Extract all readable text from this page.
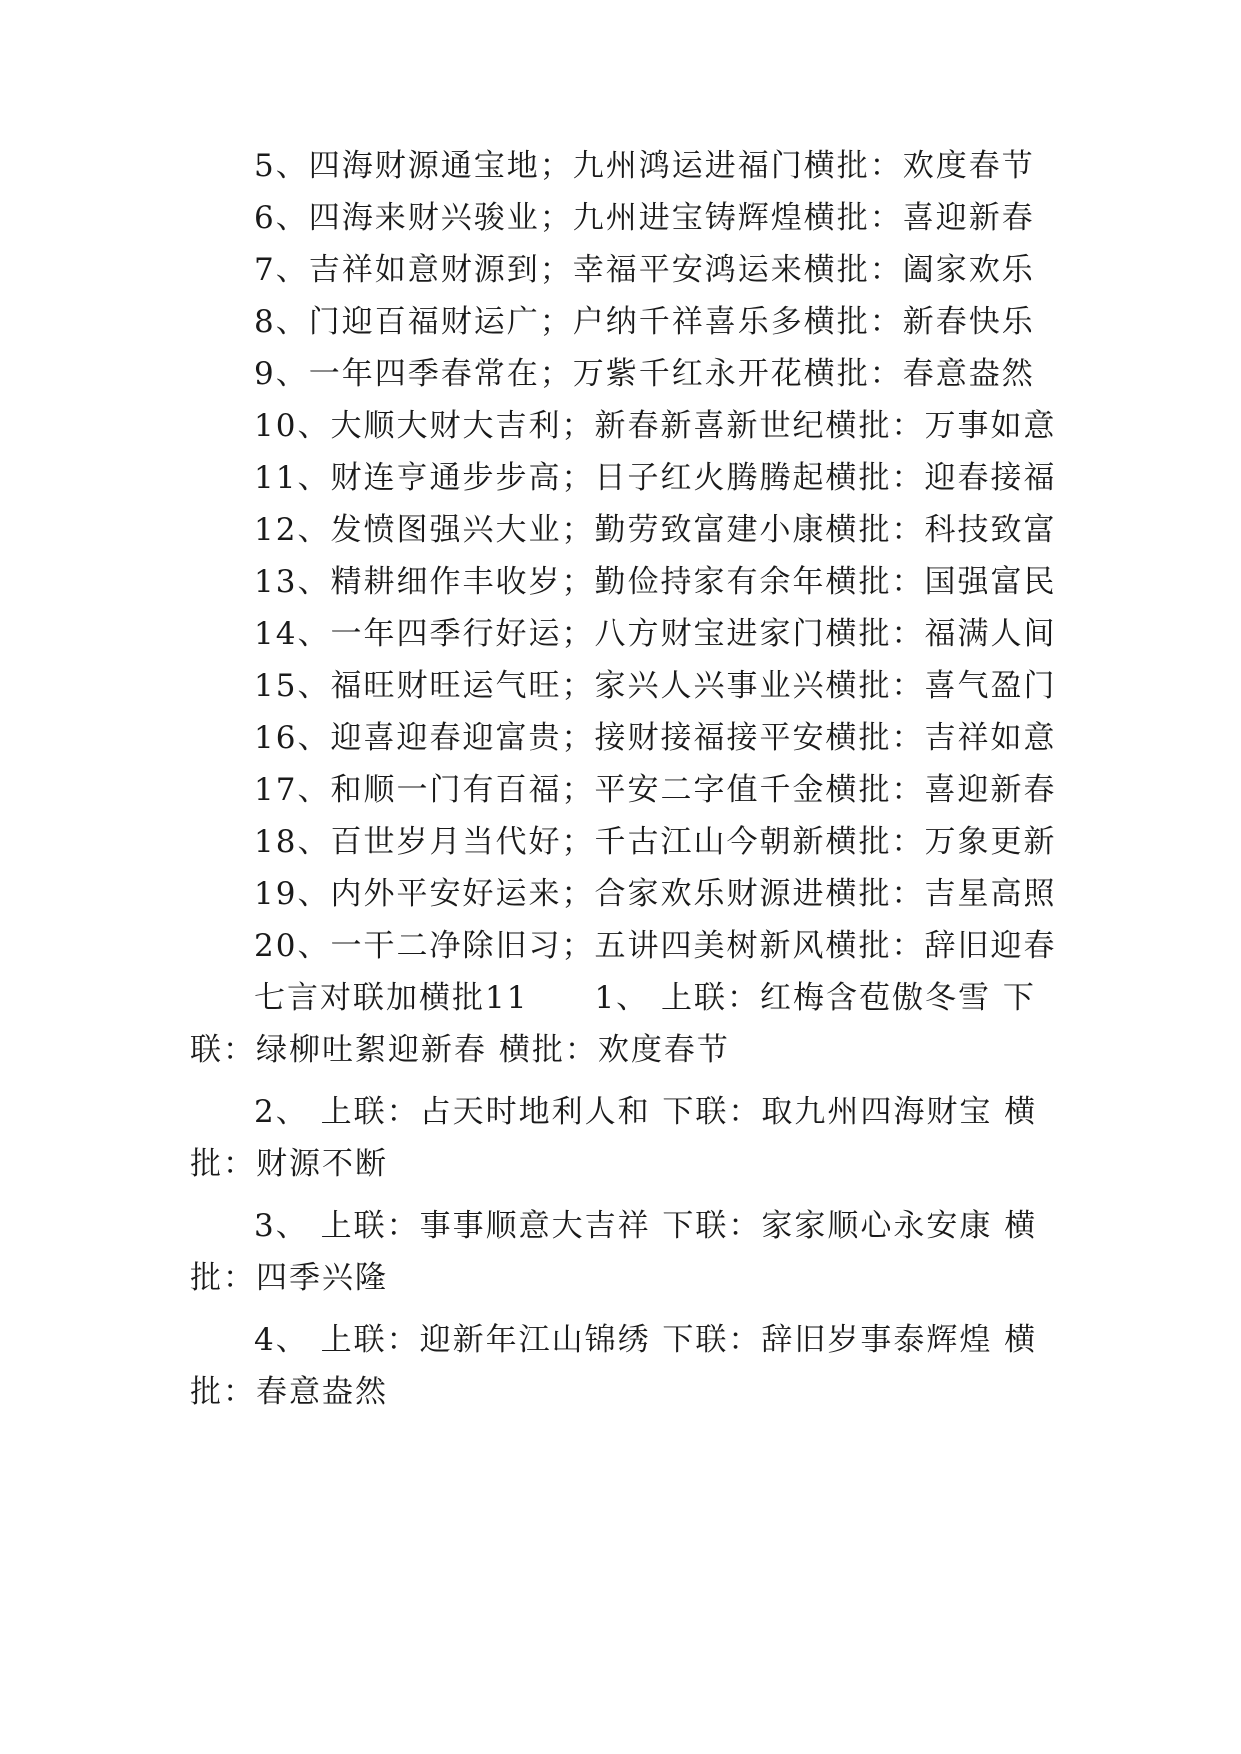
5、四海财源通宝地；九州鸿运进福门横批：欢度春节
6、四海来财兴骏业；九州进宝铸辉煌横批：喜迎新春
7、吉祥如意财源到；幸福平安鸿运来横批：阖家欢乐
8、门迎百福财运广；户纳千祥喜乐多横批：新春快乐
9、一年四季春常在；万紫千红永开花横批：春意盎然
10、大顺大财大吉利；新春新喜新世纪横批：万事如意
11、财连亨通步步高；日子红火腾腾起横批：迎春接福
12、发愤图强兴大业；勤劳致富建小康横批：科技致富
13、精耕细作丰收岁；勤俭持家有余年横批：国强富民
14、一年四季行好运；八方财宝进家门横批：福满人间
15、福旺财旺运气旺；家兴人兴事业兴横批：喜气盈门
16、迎喜迎春迎富贵；接财接福接平安横批：吉祥如意
17、和顺一门有百福；平安二字值千金横批：喜迎新春
18、百世岁月当代好；千古江山今朝新横批：万象更新
19、内外平安好运来；合家欢乐财源进横批：吉星高照
20、一干二净除旧习；五讲四美树新风横批：辞旧迎春
七言对联加横批11　　1、 上联：红梅含苞傲冬雪 下
联：绿柳吐絮迎新春 横批：欢度春节
2、 上联：占天时地利人和 下联：取九州四海财宝 横
批：财源不断
3、 上联：事事顺意大吉祥 下联：家家顺心永安康 横
批：四季兴隆
4、 上联：迎新年江山锦绣 下联：辞旧岁事泰辉煌 横
批：春意盎然
